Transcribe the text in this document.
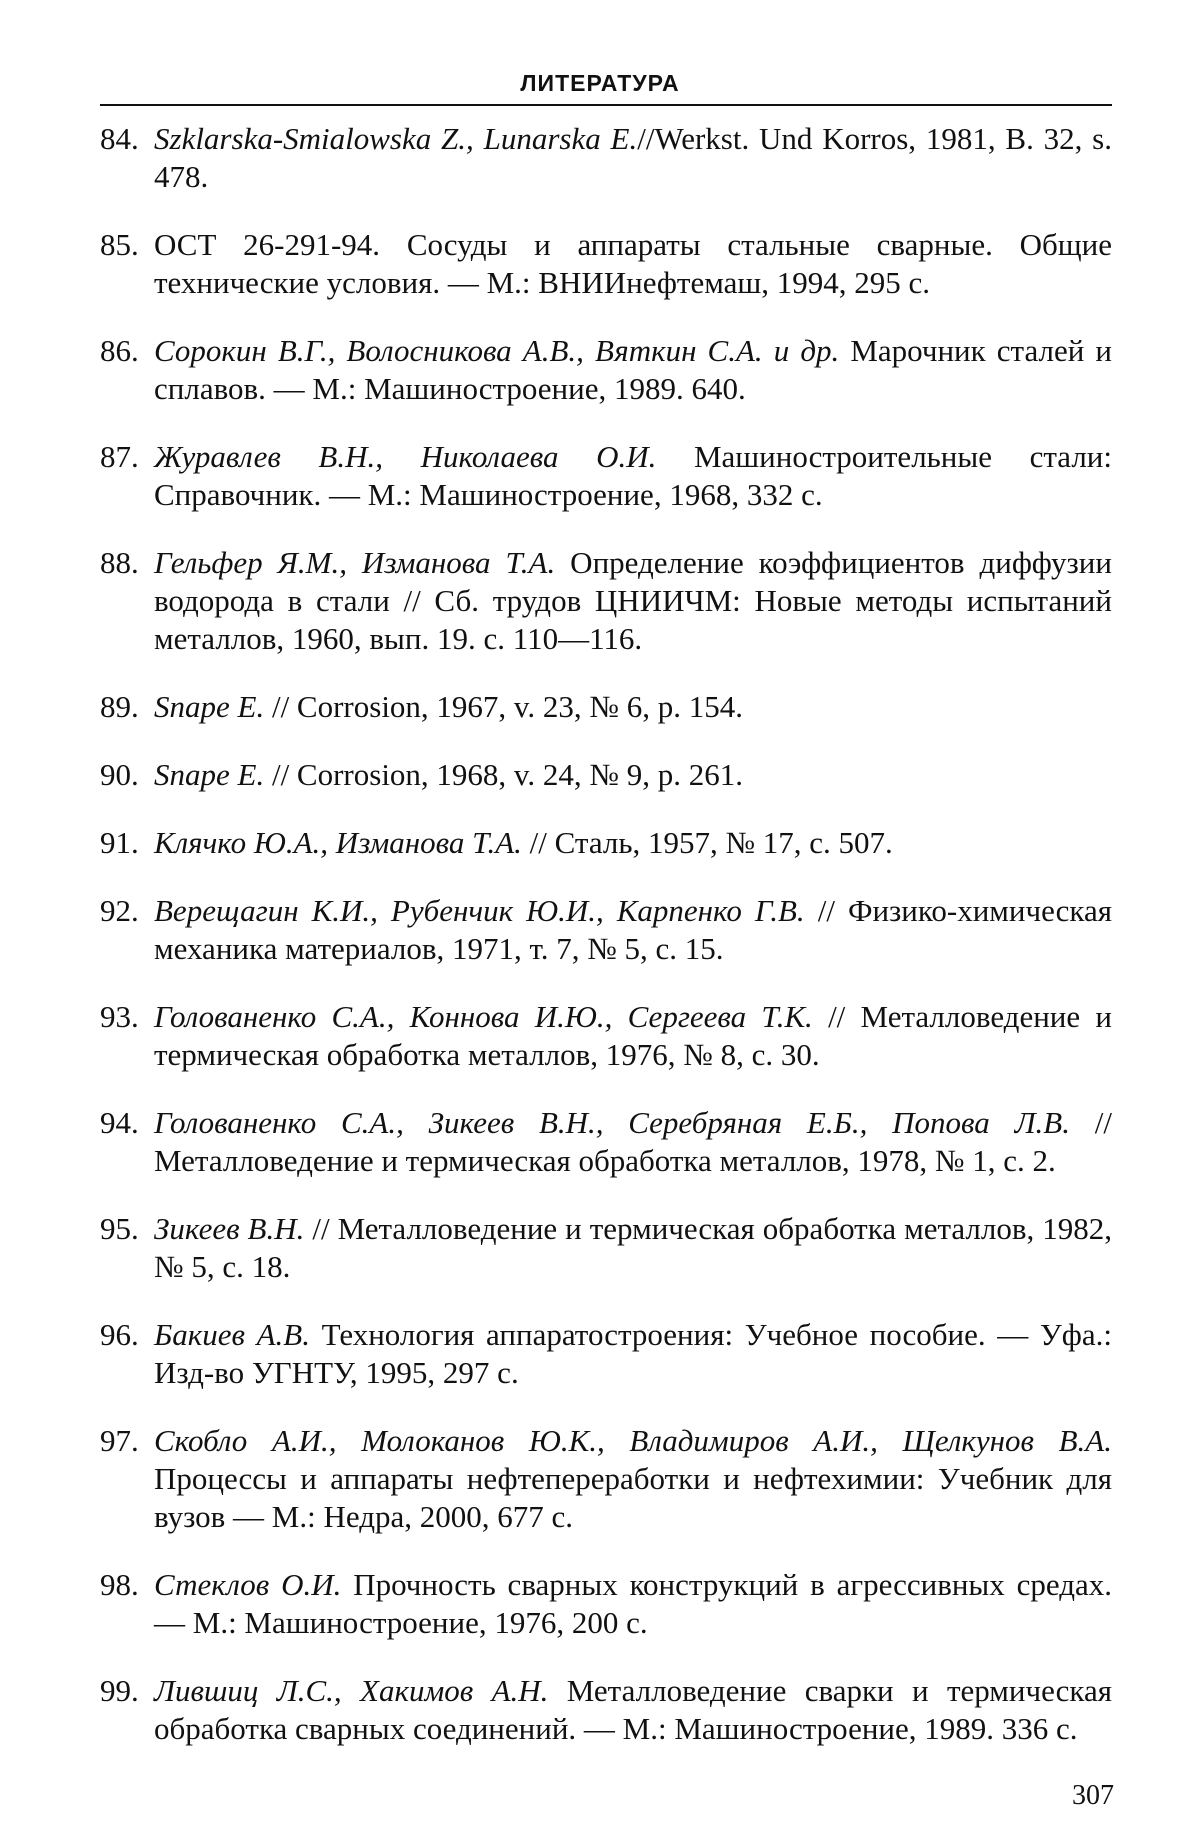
ЛИТЕРАТУРА
84. Szklarska-Smialowska Z., Lunarska E.//Werkst. Und Korros, 1981, B. 32, s. 478.
85. ОСТ 26-291-94. Сосуды и аппараты стальные сварные. Общие технические условия. — М.: ВНИИнефтемаш, 1994, 295 с.
86. Сорокин В.Г., Волосникова А.В., Вяткин С.А. и др. Марочник сталей и сплавов. — М.: Машиностроение, 1989. 640.
87. Журавлев В.Н., Николаева О.И. Машиностроительные стали: Справочник. — М.: Машиностроение, 1968, 332 с.
88. Гельфер Я.М., Изманова Т.А. Определение коэффициентов диффузии водорода в стали // Сб. трудов ЦНИИЧМ: Новые методы испытаний металлов, 1960, вып. 19. с. 110—116.
89. Snape E. // Corrosion, 1967, v. 23, № 6, p. 154.
90. Snape E. // Corrosion, 1968, v. 24, № 9, p. 261.
91. Клячко Ю.А., Изманова Т.А. // Сталь, 1957, № 17, с. 507.
92. Верещагин К.И., Рубенчик Ю.И., Карпенко Г.В. // Физико-химическая механика материалов, 1971, т. 7, № 5, с. 15.
93. Голованенко С.А., Коннова И.Ю., Сергеева Т.К. // Металловедение и термическая обработка металлов, 1976, № 8, с. 30.
94. Голованенко С.А., Зикеев В.Н., Серебряная Е.Б., Попова Л.В. // Металловедение и термическая обработка металлов, 1978, № 1, с. 2.
95. Зикеев В.Н. // Металловедение и термическая обработка металлов, 1982, № 5, с. 18.
96. Бакиев А.В. Технология аппаратостроения: Учебное пособие. — Уфа.: Изд-во УГНТУ, 1995, 297 с.
97. Скобло А.И., Молоканов Ю.К., Владимиров А.И., Щелкунов В.А. Процессы и аппараты нефтепереработки и нефтехимии: Учебник для вузов — М.: Недра, 2000, 677 с.
98. Стеклов О.И. Прочность сварных конструкций в агрессивных средах. — М.: Машиностроение, 1976, 200 с.
99. Лившиц Л.С., Хакимов А.Н. Металловедение сварки и термическая обработка сварных соединений. — М.: Машиностроение, 1989. 336 с.
307
